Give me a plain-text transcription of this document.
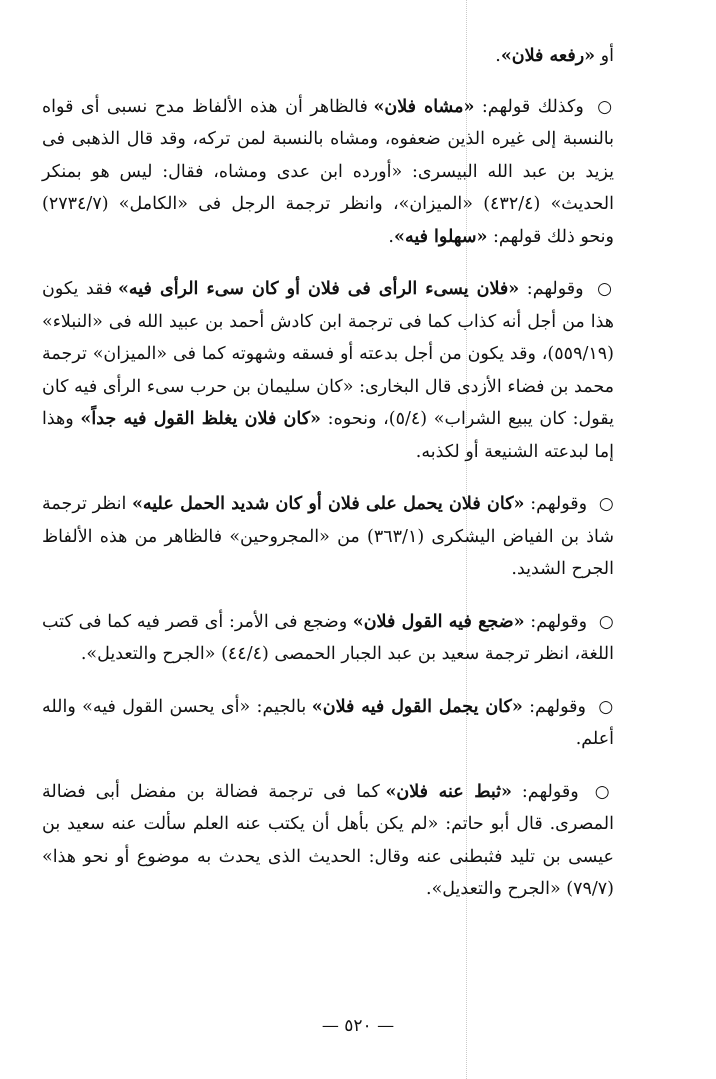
أو «رفعه فلان».

○ وكذلك قولهم: «مشاه فلان» فالظاهر أن هذه الألفاظ مدح نسبى أى قواه بالنسبة إلى غيره الذين ضعفوه، ومشاه بالنسبة لمن تركه، وقد قال الذهبى فى يزيد بن عبد الله البيسرى: «أورده ابن عدى ومشاه، فقال: ليس هو بمنكر الحديث» (٤٣٢/٤) «الميزان»، وانظر ترجمة الرجل فى «الكامل» (٢٧٣٤/٧) ونحو ذلك قولهم: «سهلوا فيه».

○ وقولهم: «فلان يسىء الرأى فى فلان أو كان سىء الرأى فيه» فقد يكون هذا من أجل أنه كذاب كما فى ترجمة ابن كادش أحمد بن عبيد الله فى «النبلاء» (٥٥٩/١٩)، وقد يكون من أجل بدعته أو فسقه وشهوته كما فى «الميزان» ترجمة محمد بن فضاء الأزدى قال البخارى: «كان سليمان بن حرب سىء الرأى فيه كان يقول: كان يبيع الشراب» (٥/٤)، ونحوه: «كان فلان يغلظ القول فيه جداً» وهذا إما لبدعته الشنيعة أو لكذبه.

○ وقولهم: «كان فلان يحمل على فلان أو كان شديد الحمل عليه» انظر ترجمة شاذ بن الفياض اليشكرى (٣٦٣/١) من «المجروحين» فالظاهر من هذه الألفاظ الجرح الشديد.

○ وقولهم: «ضجع فيه القول فلان» وضجع فى الأمر: أى قصر فيه كما فى كتب اللغة، انظر ترجمة سعيد بن عبد الجبار الحمصى (٤٤/٤) «الجرح والتعديل».

○ وقولهم: «كان يجمل القول فيه فلان» بالجيم: «أى يحسن القول فيه» والله أعلم.

○ وقولهم: «ثبط عنه فلان» كما فى ترجمة فضالة بن مفضل أبى فضالة المصرى. قال أبو حاتم: «لم يكن بأهل أن يكتب عنه العلم سألت عنه سعيد بن عيسى بن تليد فثبطنى عنه وقال: الحديث الذى يحدث به موضوع أو نحو هذا» (٧٩/٧) «الجرح والتعديل».

— ٥٢٠ —
